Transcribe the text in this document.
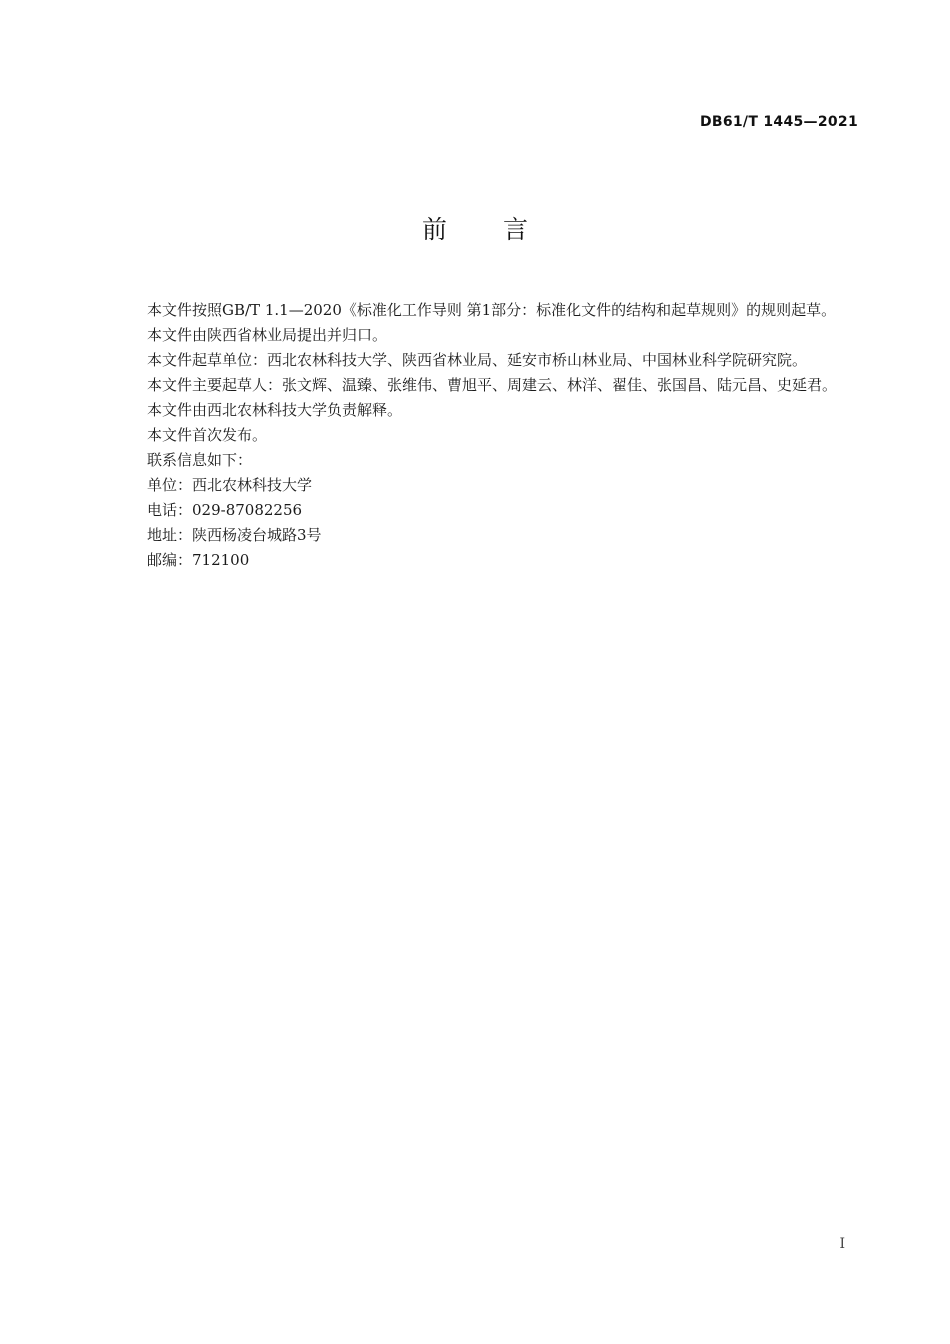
DB61/T 1445—2021
前言

本文件按照GB/T 1.1—2020《标准化工作导则 第1部分：标准化文件的结构和起草规则》的规则起草。

本文件由陕西省林业局提出并归口。

本文件起草单位：西北农林科技大学、陕西省林业局、延安市桥山林业局、中国林业科学院研究院。

本文件主要起草人：张文辉、温臻、张维伟、曹旭平、周建云、林洋、翟佳、张国昌、陆元昌、史延君。

本文件由西北农林科技大学负责解释。

本文件首次发布。

联系信息如下：

单位：西北农林科技大学

电话：029-87082256

地址：陕西杨凌台城路3号

邮编：712100

I
